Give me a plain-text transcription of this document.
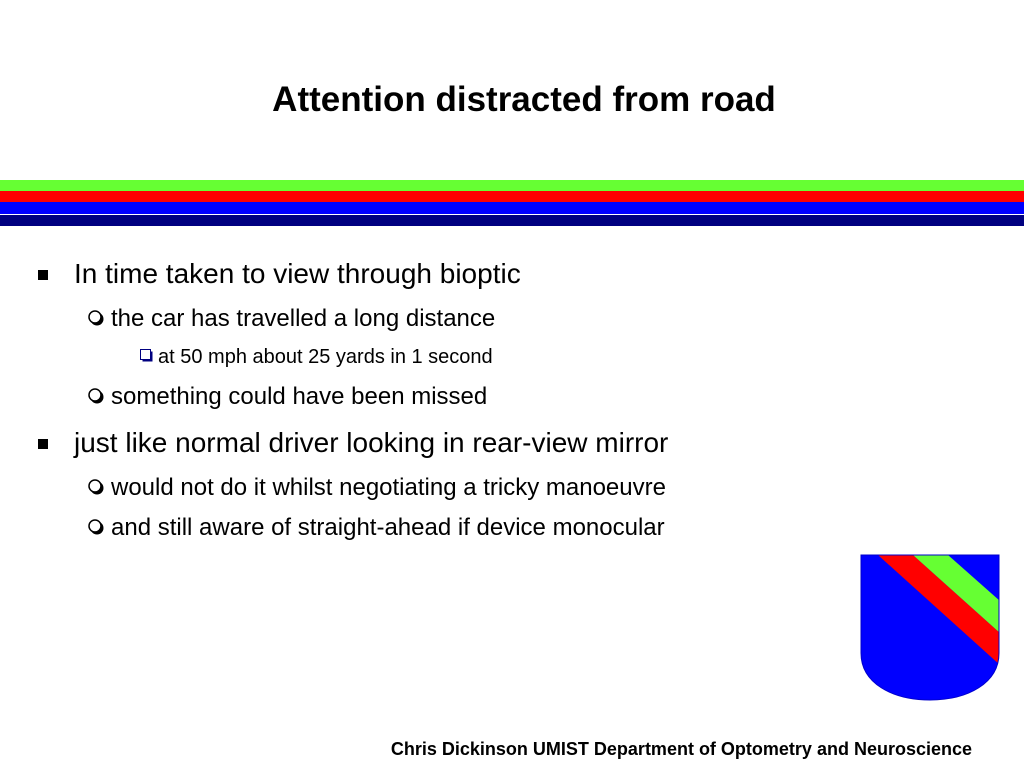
Attention distracted from road
In time taken to view through bioptic
the car has travelled a long distance
at 50 mph about 25 yards in 1 second
something could have been missed
just like normal driver looking in rear-view mirror
would not do it whilst negotiating a tricky manoeuvre
and still aware of straight-ahead if device monocular
Chris Dickinson UMIST Department of Optometry and Neuroscience
